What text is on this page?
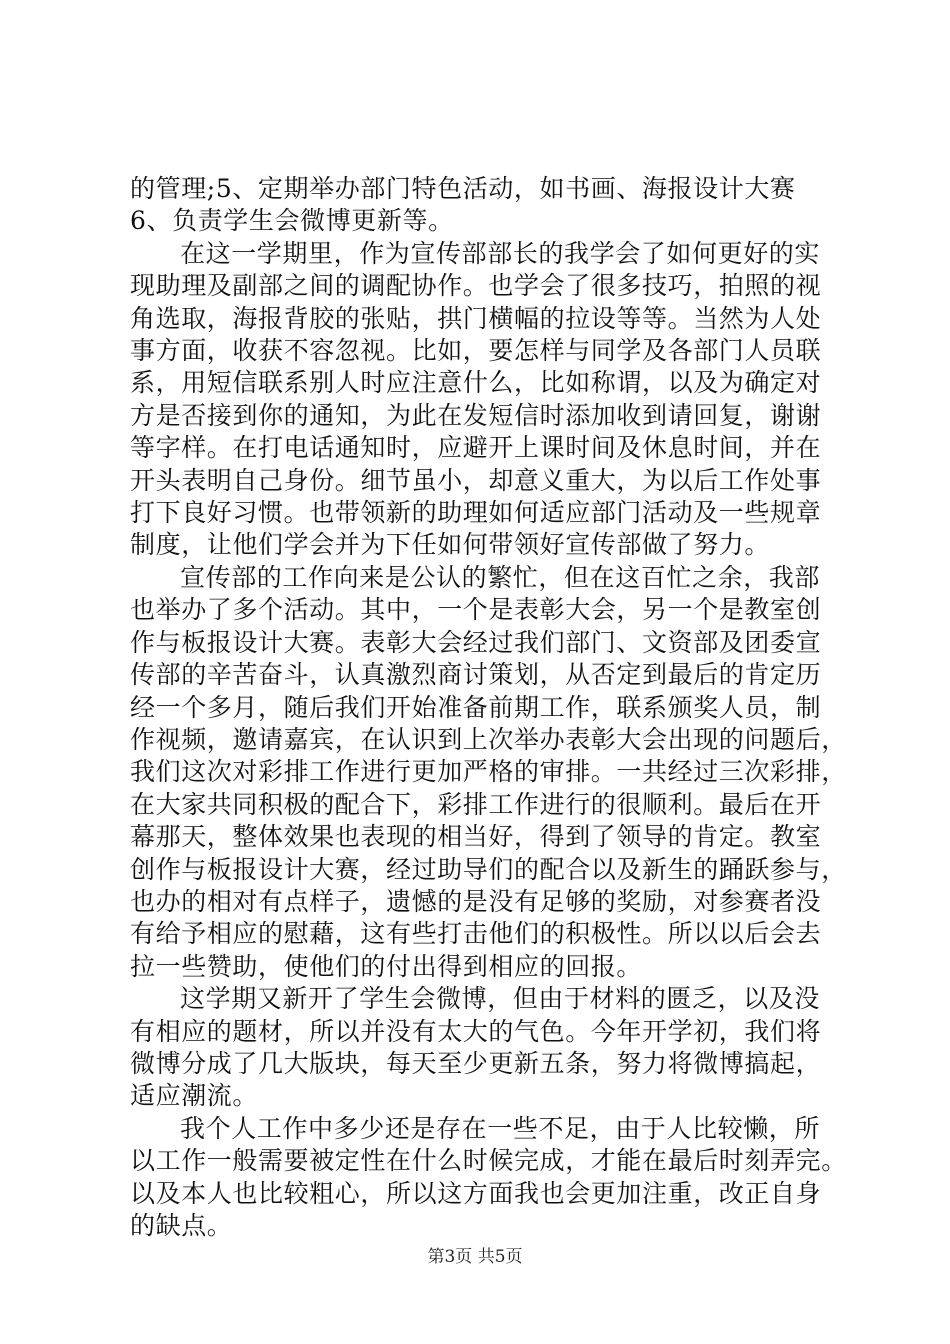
的管理;5、定期举办部门特色活动，如书画、海报设计大赛
6、负责学生会微博更新等。

在这一学期里，作为宣传部部长的我学会了如何更好的实
现助理及副部之间的调配协作。也学会了很多技巧，拍照的视
角选取，海报背胶的张贴，拱门横幅的拉设等等。当然为人处
事方面，收获不容忽视。比如，要怎样与同学及各部门人员联
系，用短信联系别人时应注意什么，比如称谓，以及为确定对
方是否接到你的通知，为此在发短信时添加收到请回复，谢谢
等字样。在打电话通知时，应避开上课时间及休息时间，并在
开头表明自己身份。细节虽小，却意义重大，为以后工作处事
打下良好习惯。也带领新的助理如何适应部门活动及一些规章
制度，让他们学会并为下任如何带领好宣传部做了努力。

宣传部的工作向来是公认的繁忙，但在这百忙之余，我部
也举办了多个活动。其中，一个是表彰大会，另一个是教室创
作与板报设计大赛。表彰大会经过我们部门、文资部及团委宣
传部的辛苦奋斗，认真激烈商讨策划，从否定到最后的肯定历
经一个多月，随后我们开始准备前期工作，联系颁奖人员，制
作视频，邀请嘉宾，在认识到上次举办表彰大会出现的问题后，
我们这次对彩排工作进行更加严格的审排。一共经过三次彩排，
在大家共同积极的配合下，彩排工作进行的很顺利。最后在开
幕那天，整体效果也表现的相当好，得到了领导的肯定。教室
创作与板报设计大赛，经过助导们的配合以及新生的踊跃参与，
也办的相对有点样子，遗憾的是没有足够的奖励，对参赛者没
有给予相应的慰藉，这有些打击他们的积极性。所以以后会去
拉一些赞助，使他们的付出得到相应的回报。

这学期又新开了学生会微博，但由于材料的匮乏，以及没
有相应的题材，所以并没有太大的气色。今年开学初，我们将
微博分成了几大版块，每天至少更新五条，努力将微博搞起，
适应潮流。

我个人工作中多少还是存在一些不足，由于人比较懒，所
以工作一般需要被定性在什么时候完成，才能在最后时刻弄完。
以及本人也比较粗心，所以这方面我也会更加注重，改正自身
的缺点。

第3页 共5页
